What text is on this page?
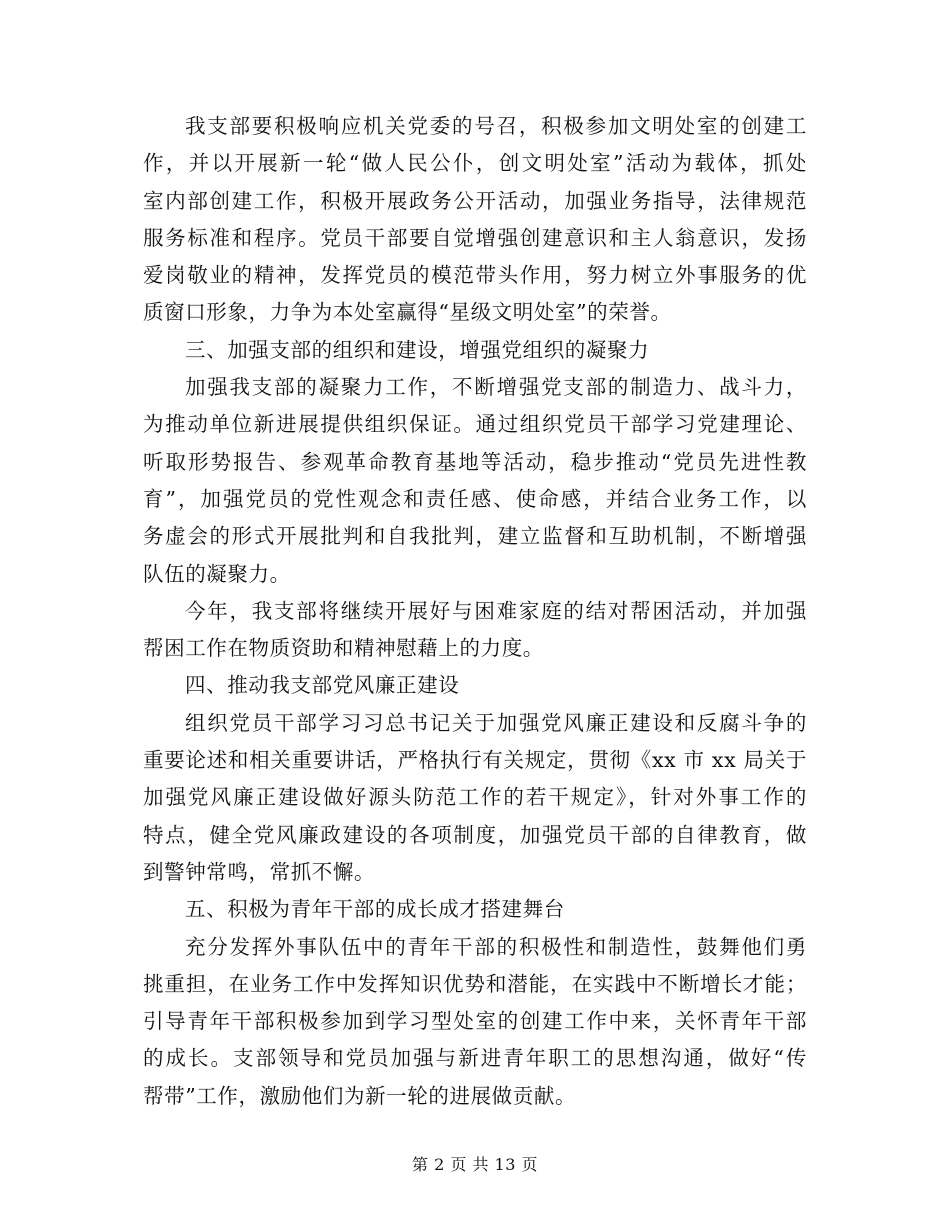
我支部要积极响应机关党委的号召，积极参加文明处室的创建工
作，并以开展新一轮“做人民公仆，创文明处室”活动为载体，抓处
室内部创建工作，积极开展政务公开活动，加强业务指导，法律规范
服务标准和程序。党员干部要自觉增强创建意识和主人翁意识，发扬
爱岗敬业的精神，发挥党员的模范带头作用，努力树立外事服务的优
质窗口形象，力争为本处室赢得“星级文明处室”的荣誉。
三、加强支部的组织和建设，增强党组织的凝聚力
加强我支部的凝聚力工作，不断增强党支部的制造力、战斗力，
为推动单位新进展提供组织保证。通过组织党员干部学习党建理论、
听取形势报告、参观革命教育基地等活动，稳步推动“党员先进性教
育”，加强党员的党性观念和责任感、使命感，并结合业务工作，以
务虚会的形式开展批判和自我批判，建立监督和互助机制，不断增强
队伍的凝聚力。
今年，我支部将继续开展好与困难家庭的结对帮困活动，并加强
帮困工作在物质资助和精神慰藉上的力度。
四、推动我支部党风廉正建设
组织党员干部学习习总书记关于加强党风廉正建设和反腐斗争的
重要论述和相关重要讲话，严格执行有关规定，贯彻《xx 市 xx 局关于
加强党风廉正建设做好源头防范工作的若干规定》，针对外事工作的
特点，健全党风廉政建设的各项制度，加强党员干部的自律教育，做
到警钟常鸣，常抓不懈。
五、积极为青年干部的成长成才搭建舞台
充分发挥外事队伍中的青年干部的积极性和制造性，鼓舞他们勇
挑重担，在业务工作中发挥知识优势和潜能，在实践中不断增长才能；
引导青年干部积极参加到学习型处室的创建工作中来，关怀青年干部
的成长。支部领导和党员加强与新进青年职工的思想沟通，做好“传
帮带”工作，激励他们为新一轮的进展做贡献。
第 2 页 共 13 页
